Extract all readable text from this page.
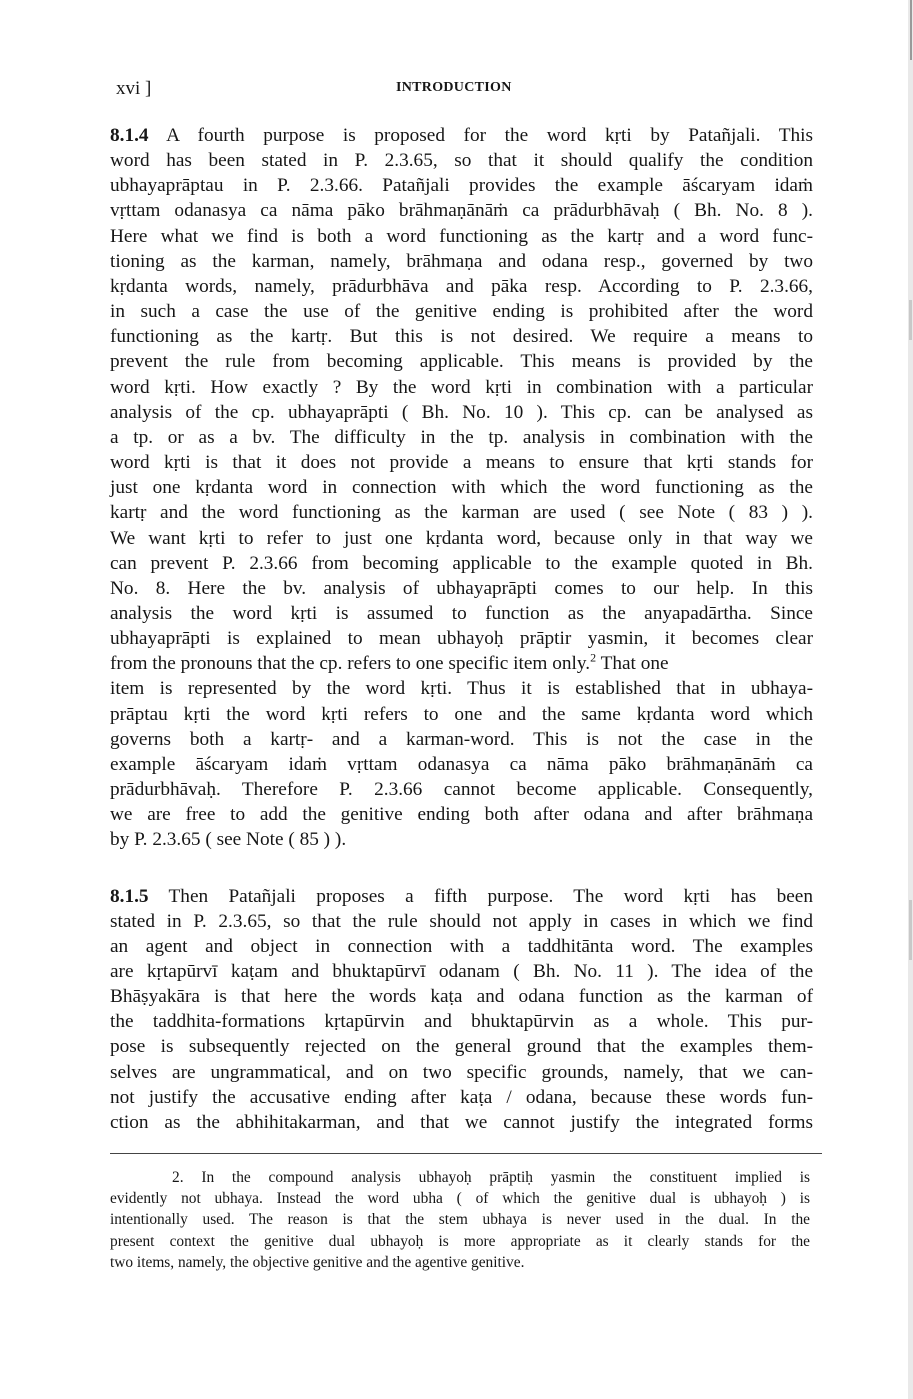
xvi ]	INTRODUCTION
8.1.4 A fourth purpose is proposed for the word kṛti by Patañjali. This
word has been stated in P. 2.3.65, so that it should qualify the condition
ubhayaprāptau in P. 2.3.66. Patañjali provides the example āścaryam idaṁ
vṛttam odanasya ca nāma pāko brāhmaṇānāṁ ca prādurbhāvaḥ ( Bh. No. 8 ).
Here what we find is both a word functioning as the kartṛ and a word func-
tioning as the karman, namely, brāhmaṇa and odana resp., governed by two
kṛdanta words, namely, prādurbhāva and pāka resp. According to P. 2.3.66,
in such a case the use of the genitive ending is prohibited after the word
functioning as the kartṛ. But this is not desired. We require a means to
prevent the rule from becoming applicable. This means is provided by the
word kṛti. How exactly ? By the word kṛti in combination with a particular
analysis of the cp. ubhayaprāpti ( Bh. No. 10 ). This cp. can be analysed as
a tp. or as a bv. The difficulty in the tp. analysis in combination with the
word kṛti is that it does not provide a means to ensure that kṛti stands for
just one kṛdanta word in connection with which the word functioning as the
kartṛ and the word functioning as the karman are used ( see Note ( 83 ) ).
We want kṛti to refer to just one kṛdanta word, because only in that way we
can prevent P. 2.3.66 from becoming applicable to the example quoted in Bh.
No. 8. Here the bv. analysis of ubhayaprāpti comes to our help. In this
analysis the word kṛti is assumed to function as the anyapadārtha. Since
ubhayaprāpti is explained to mean ubhayoḥ prāptir yasmin, it becomes clear
from the pronouns that the cp. refers to one specific item only.$^2$ That one
item is represented by the word kṛti. Thus it is established that in ubhaya-
prāptau kṛti the word kṛti refers to one and the same kṛdanta word which
governs both a kartṛ- and a karman-word. This is not the case in the
example āścaryam idaṁ vṛttam odanasya ca nāma pāko brāhmaṇānāṁ ca
prādurbhāvaḥ. Therefore P. 2.3.66 cannot become applicable. Consequently,
we are free to add the genitive ending both after odana and after brāhmaṇa
by P. 2.3.65 ( see Note ( 85 ) ).
8.1.5 Then Patañjali proposes a fifth purpose. The word kṛti has been
stated in P. 2.3.65, so that the rule should not apply in cases in which we find
an agent and object in connection with a taddhitānta word. The examples
are kṛtapūrvī kaṭam and bhuktapūrvī odanam ( Bh. No. 11 ). The idea of the
Bhāṣyakāra is that here the words kaṭa and odana function as the karman of
the taddhita-formations kṛtapūrvin and bhuktapūrvin as a whole. This pur-
pose is subsequently rejected on the general ground that the examples them-
selves are ungrammatical, and on two specific grounds, namely, that we can-
not justify the accusative ending after kaṭa / odana, because these words fun-
ction as the abhihitakarman, and that we cannot justify the integrated forms
2. In the compound analysis ubhayoḥ prāptiḥ yasmin the constituent implied is
evidently not ubhaya. Instead the word ubha ( of which the genitive dual is ubhayoḥ ) is
intentionally used. The reason is that the stem ubhaya is never used in the dual. In the
present context the genitive dual ubhayoḥ is more appropriate as it clearly stands for the
two items, namely, the objective genitive and the agentive genitive.
